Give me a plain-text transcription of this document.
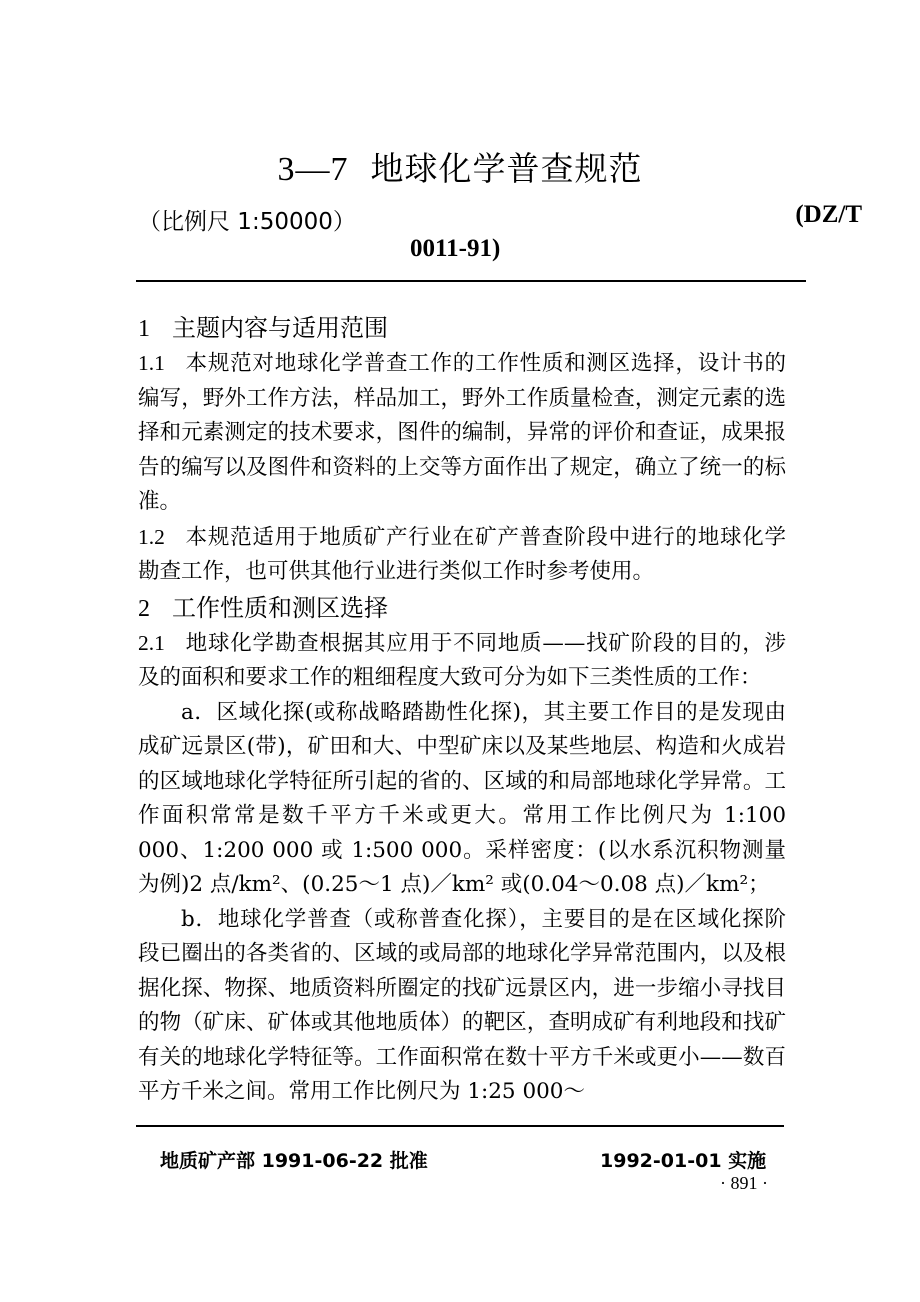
3—7 地球化学普查规范
（比例尺 1:50000）	(DZ/T
0011-91)
1 主题内容与适用范围
1.1 本规范对地球化学普查工作的工作性质和测区选择，设计书的编写，野外工作方法，样品加工，野外工作质量检查，测定元素的选择和元素测定的技术要求，图件的编制，异常的评价和查证，成果报告的编写以及图件和资料的上交等方面作出了规定，确立了统一的标准。
1.2 本规范适用于地质矿产行业在矿产普查阶段中进行的地球化学勘查工作，也可供其他行业进行类似工作时参考使用。
2 工作性质和测区选择
2.1 地球化学勘查根据其应用于不同地质——找矿阶段的目的，涉及的面积和要求工作的粗细程度大致可分为如下三类性质的工作：
a．区域化探(或称战略踏勘性化探)，其主要工作目的是发现由成矿远景区(带)，矿田和大、中型矿床以及某些地层、构造和火成岩的区域地球化学特征所引起的省的、区域的和局部地球化学异常。工作面积常常是数千平方千米或更大。常用工作比例尺为 1:100 000、1:200 000 或 1:500 000。采样密度：(以水系沉积物测量为例)2 点/km²、(0.25～1 点)／km² 或(0.04～0.08 点)／km²；
b．地球化学普查（或称普查化探），主要目的是在区域化探阶段已圈出的各类省的、区域的或局部的地球化学异常范围内，以及根据化探、物探、地质资料所圈定的找矿远景区内，进一步缩小寻找目的物（矿床、矿体或其他地质体）的靶区，查明成矿有利地段和找矿有关的地球化学特征等。工作面积常在数十平方千米或更小——数百平方千米之间。常用工作比例尺为 1:25 000～
地质矿产部 1991-06-22 批准	1992-01-01 实施
· 891 ·
